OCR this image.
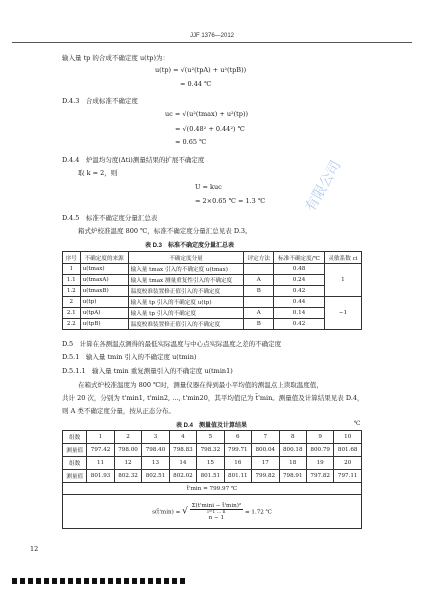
JJF 1376—2012
输入量 tp 的合成不确定度 u(tp)为：
u(tp) = √(u²(tpA) + u²(tpB))
= 0.44 ℃
D.4.3　合成标准不确定度
uc = √(u²(tmax) + u²(tp))
= √(0.48² + 0.44²) ℃
≈ 0.65 ℃
D.4.4　炉温均匀度(Δti)测量结果的扩展不确定度
取 k = 2，则
U = kuc
= 2×0.65 ℃ = 1.3 ℃
D.4.5　标准不确定度分量汇总表
箱式炉校准温度 800 ℃，标准不确定度分量汇总见表 D.3。
表 D.3　标准不确定度分量汇总表
序号	不确定度的来源	不确定度分量	评定方法	标准不确定度/℃	灵敏系数 ci
1	u(tmax)	输入量 tmax 引入的不确定度 u(tmax)		0.48	1
1.1	u(tmaxA)	输入量 tmax 测量重复性引入的不确定度	A	0.24	
1.2	u(tmaxB)	温度校准装置修正值引入的不确定度	B	0.42	
2	u(tp)	输入量 tp 引入的不确定度 u(tp)		0.44	−1
2.1	u(tpA)	输入量 tp 引入的不确定度	A	0.14	
2.2	u(tpB)	温度校准装置修正值引入的不确定度	B	0.42	
D.5　计算在各测温点测得的最低实际温度与中心点实际温度之差的不确定度
D.5.1　输入量 tmin 引入的不确定度 u(tmin)
D.5.1.1　输入量 tmin 重复测量引入的不确定度 u(tmin1)
在箱式炉校准温度为 800 ℃时，测量仪器在得到最小平均值的测温点上读取温度值，
共计 20 次，分别为 t'min1, t'min2, …, t'min20，其平均值记为 t̄'min。测量值及计算结果见表 D.4，
则 A 类不确定度分量，按从正态分布。
表 D.4　测量值及计算结果	℃
组数	1	2	3	4	5	6	7	8	9	10
测量值	797.42	798.00	798.40	798.83	798.32	799.71	800.04	800.18	800.79	801.68
组数	11	12	13	14	15	16	17	18	19	20
测量值	801.93	802.32	802.51	802.02	801.51	801.11	799.82	798.91	797.82	797.11
t̄'min = 799.97 ℃										
s(t̄'min) = √
Σ(t'mini − t̄'min)²
i=1 … n
n − 1
= 1.72 ℃										
有限公司
12
